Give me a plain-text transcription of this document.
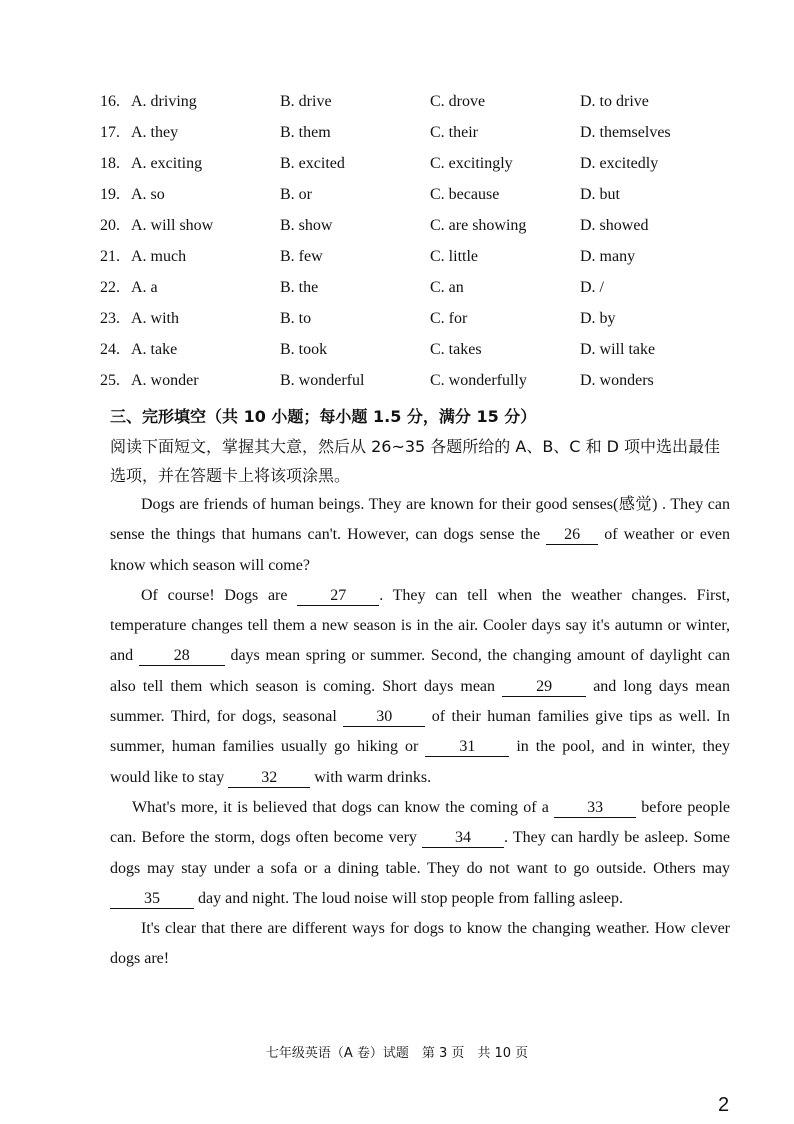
16. A. driving	B. drive	C. drove	D. to drive
17. A. they	B. them	C. their	D. themselves
18. A. exciting	B. excited	C. excitingly	D. excitedly
19. A. so	B. or	C. because	D. but
20. A. will show	B. show	C. are showing	D. showed
21. A. much	B. few	C. little	D. many
22. A. a	B. the	C. an	D. /
23. A. with	B. to	C. for	D. by
24. A. take	B. took	C. takes	D. will take
25. A. wonder	B. wonderful	C. wonderfully	D. wonders
三、完形填空（共 10 小题；每小题 1.5 分，满分 15 分）
阅读下面短文，掌握其大意，然后从 26~35 各题所给的 A、B、C 和 D 项中选出最佳选项，并在答题卡上将该项涂黑。

Dogs are friends of human beings. They are known for their good senses(感觉) . They can sense the things that humans can't. However, can dogs sense the 26 of weather or even know which season will come?

Of course! Dogs are 27 . They can tell when the weather changes. First, temperature changes tell them a new season is in the air. Cooler days say it's autumn or winter, and 28 days mean spring or summer. Second, the changing amount of daylight can also tell them which season is coming. Short days mean 29 and long days mean summer. Third, for dogs, seasonal 30 of their human families give tips as well. In summer, human families usually go hiking or 31 in the pool, and in winter, they would like to stay 32 with warm drinks.

What's more, it is believed that dogs can know the coming of a 33 before people can. Before the storm, dogs often become very 34 . They can hardly be asleep. Some dogs may stay under a sofa or a dining table. They do not want to go outside. Others may 35 day and night. The loud noise will stop people from falling asleep.

It's clear that there are different ways for dogs to know the changing weather. How clever dogs are!

七年级英语（A 卷）试题　第 3 页　共 10 页
2
